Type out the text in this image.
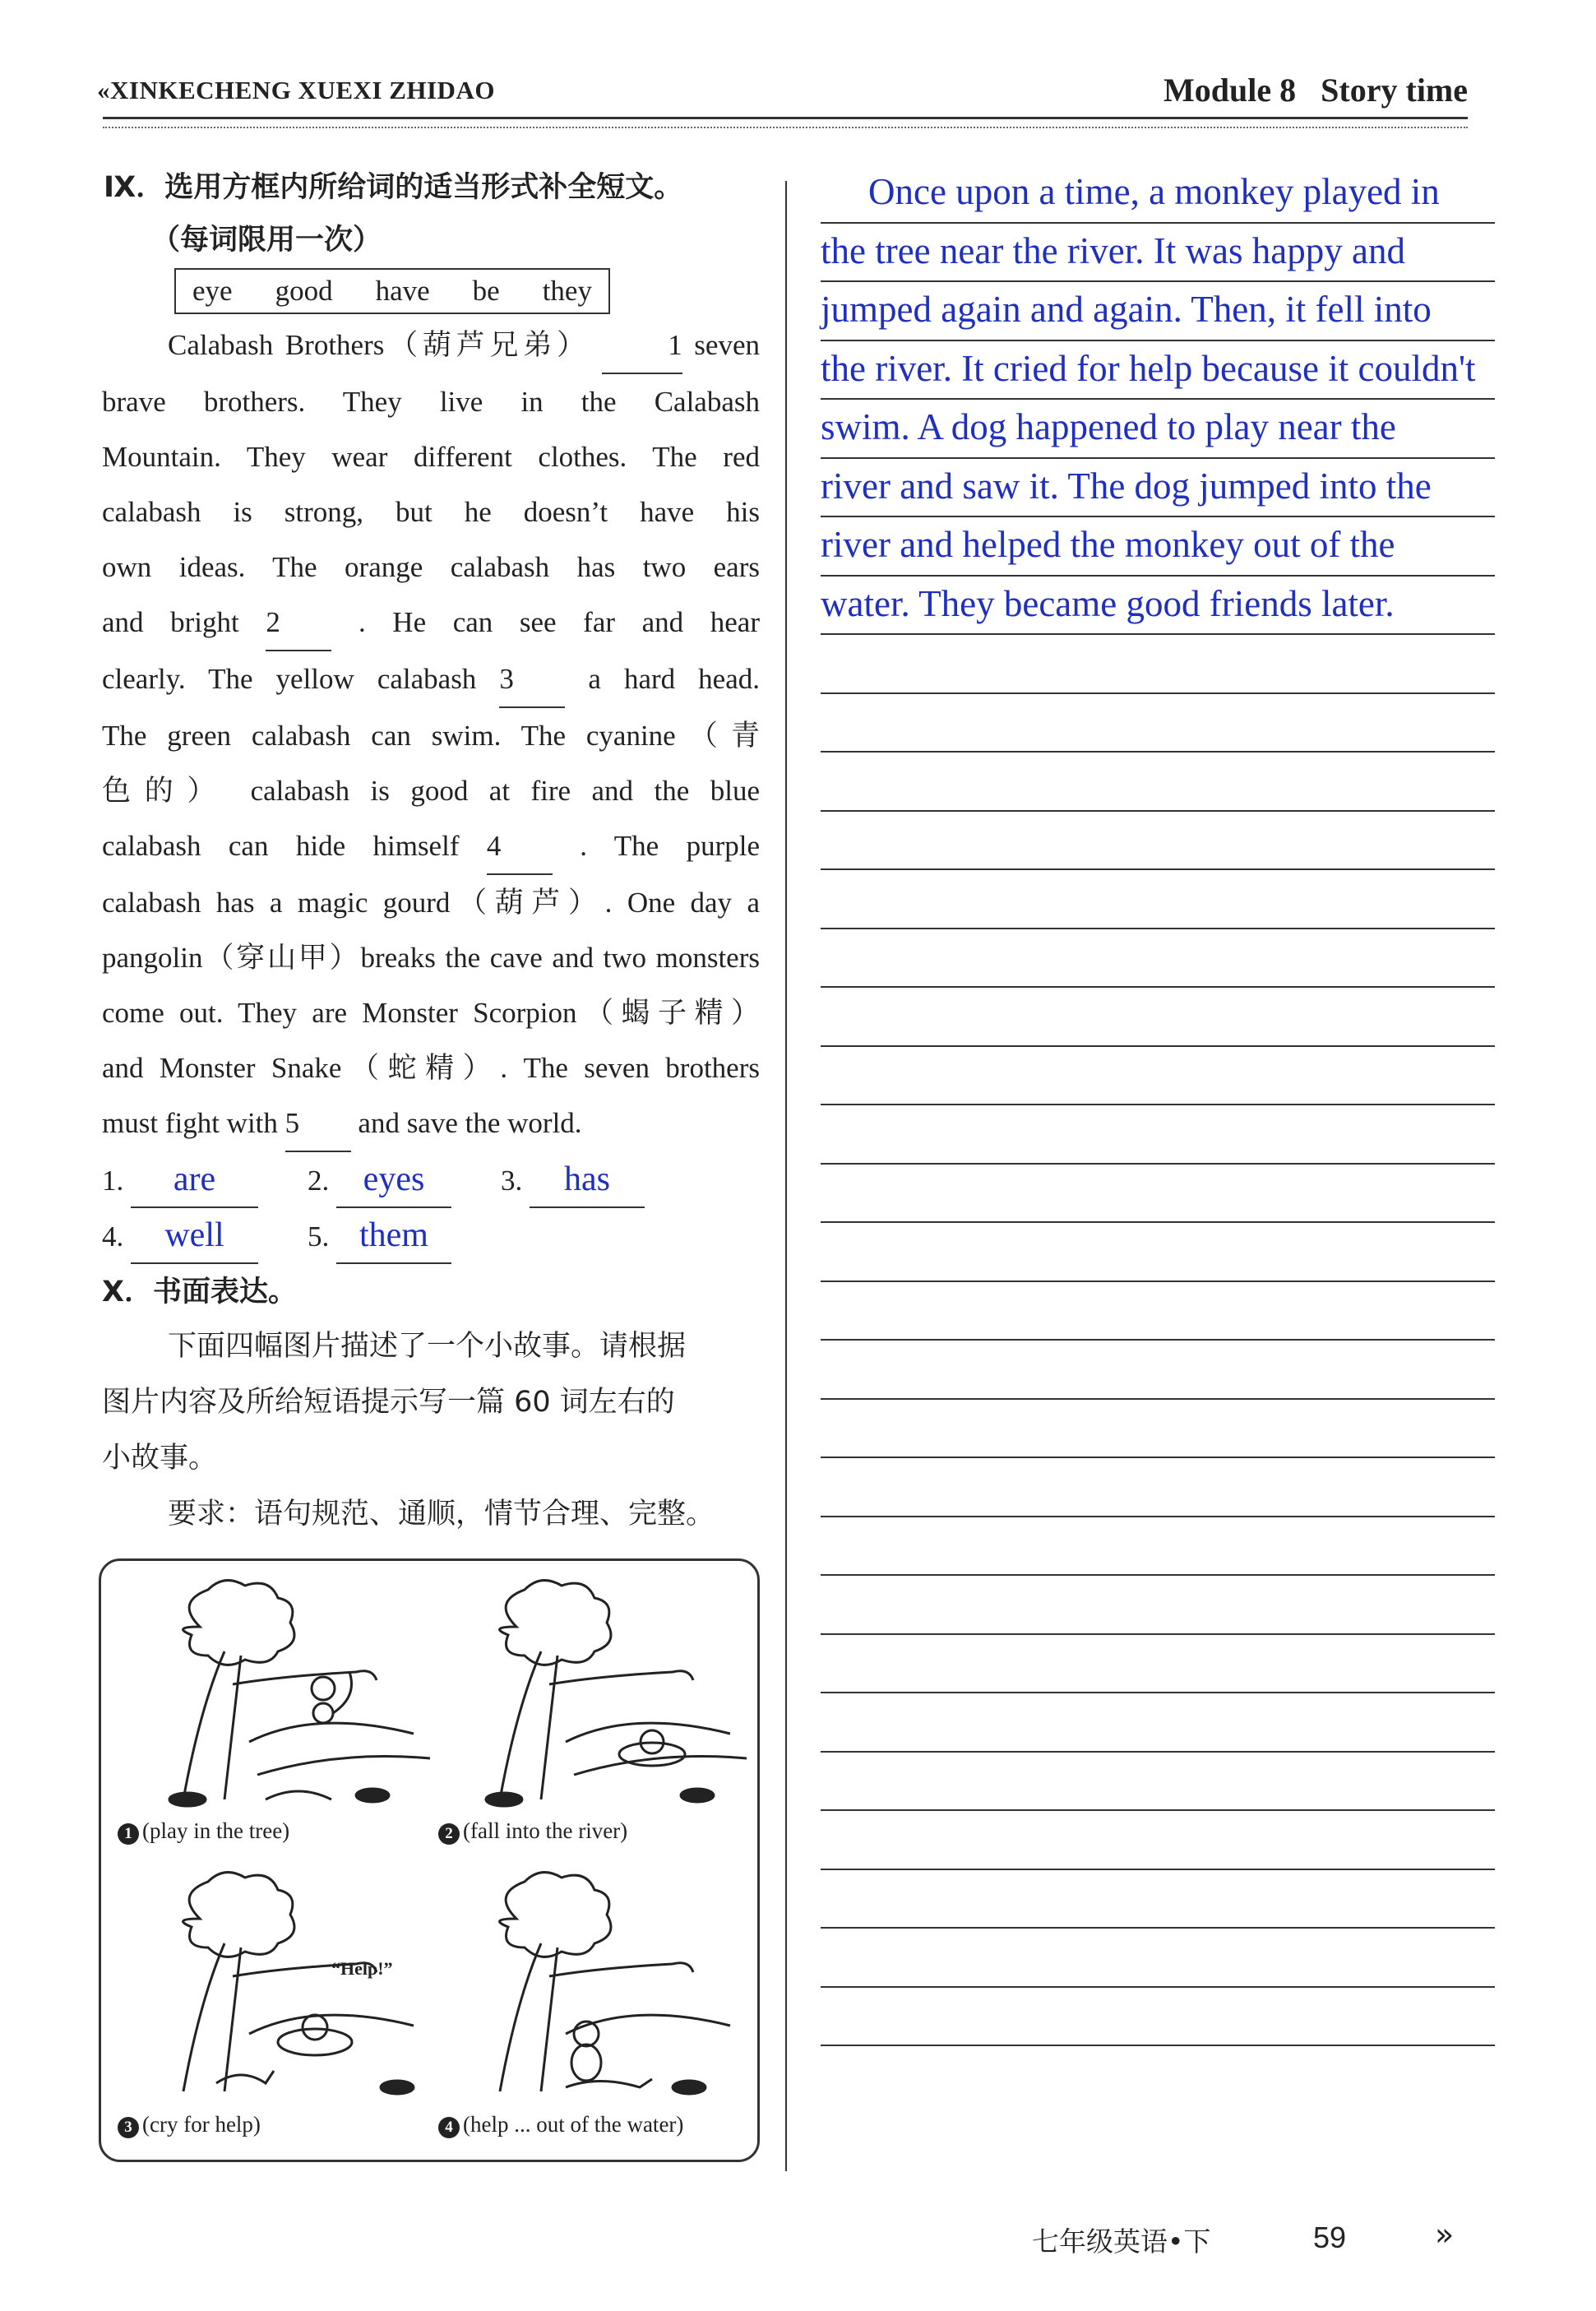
«XINKECHENG XUEXI ZHIDAO	Module 8 Story time
Ⅸ．选用方框内所给词的适当形式补全短文。
（每词限用一次）
eye good have be they

Calabash Brothers（葫芦兄弟） 1 seven

brave brothers. They live in the Calabash

Mountain. They wear different clothes. The red

calabash is strong, but he doesn’t have his

own ideas. The orange calabash has two ears

and bright 2 . He can see far and hear

clearly. The yellow calabash 3 a hard head.

The green calabash can swim. The cyanine（青

色的） calabash is good at fire and the blue

calabash can hide himself 4 . The purple

calabash has a magic gourd（葫芦）. One day a

pangolin（穿山甲）breaks the cave and two monsters

come out. They are Monster Scorpion（蝎子精）

and Monster Snake（蛇精）. The seven brothers

must fight with 5 and save the world.

1. are	2. eyes	3. has
4. well	5. them
Ⅹ．书面表达。
下面四幅图片描述了一个小故事。请根据
图片内容及所给短语提示写一篇 60 词左右的
小故事。
要求：语句规范、通顺，情节合理、完整。
1 (play in the tree)	2 (fall into the river)
“Help!”
3 (cry for help)	4 (help ... out of the water)
Once upon a time, a monkey played in
the tree near the river. It was happy and
jumped again and again. Then, it fell into
the river. It cried for help because it couldn't
swim. A dog happened to play near the
river and saw it. The dog jumped into the
river and helped the monkey out of the
water. They became good friends later.
七年级英语•下	59	»
